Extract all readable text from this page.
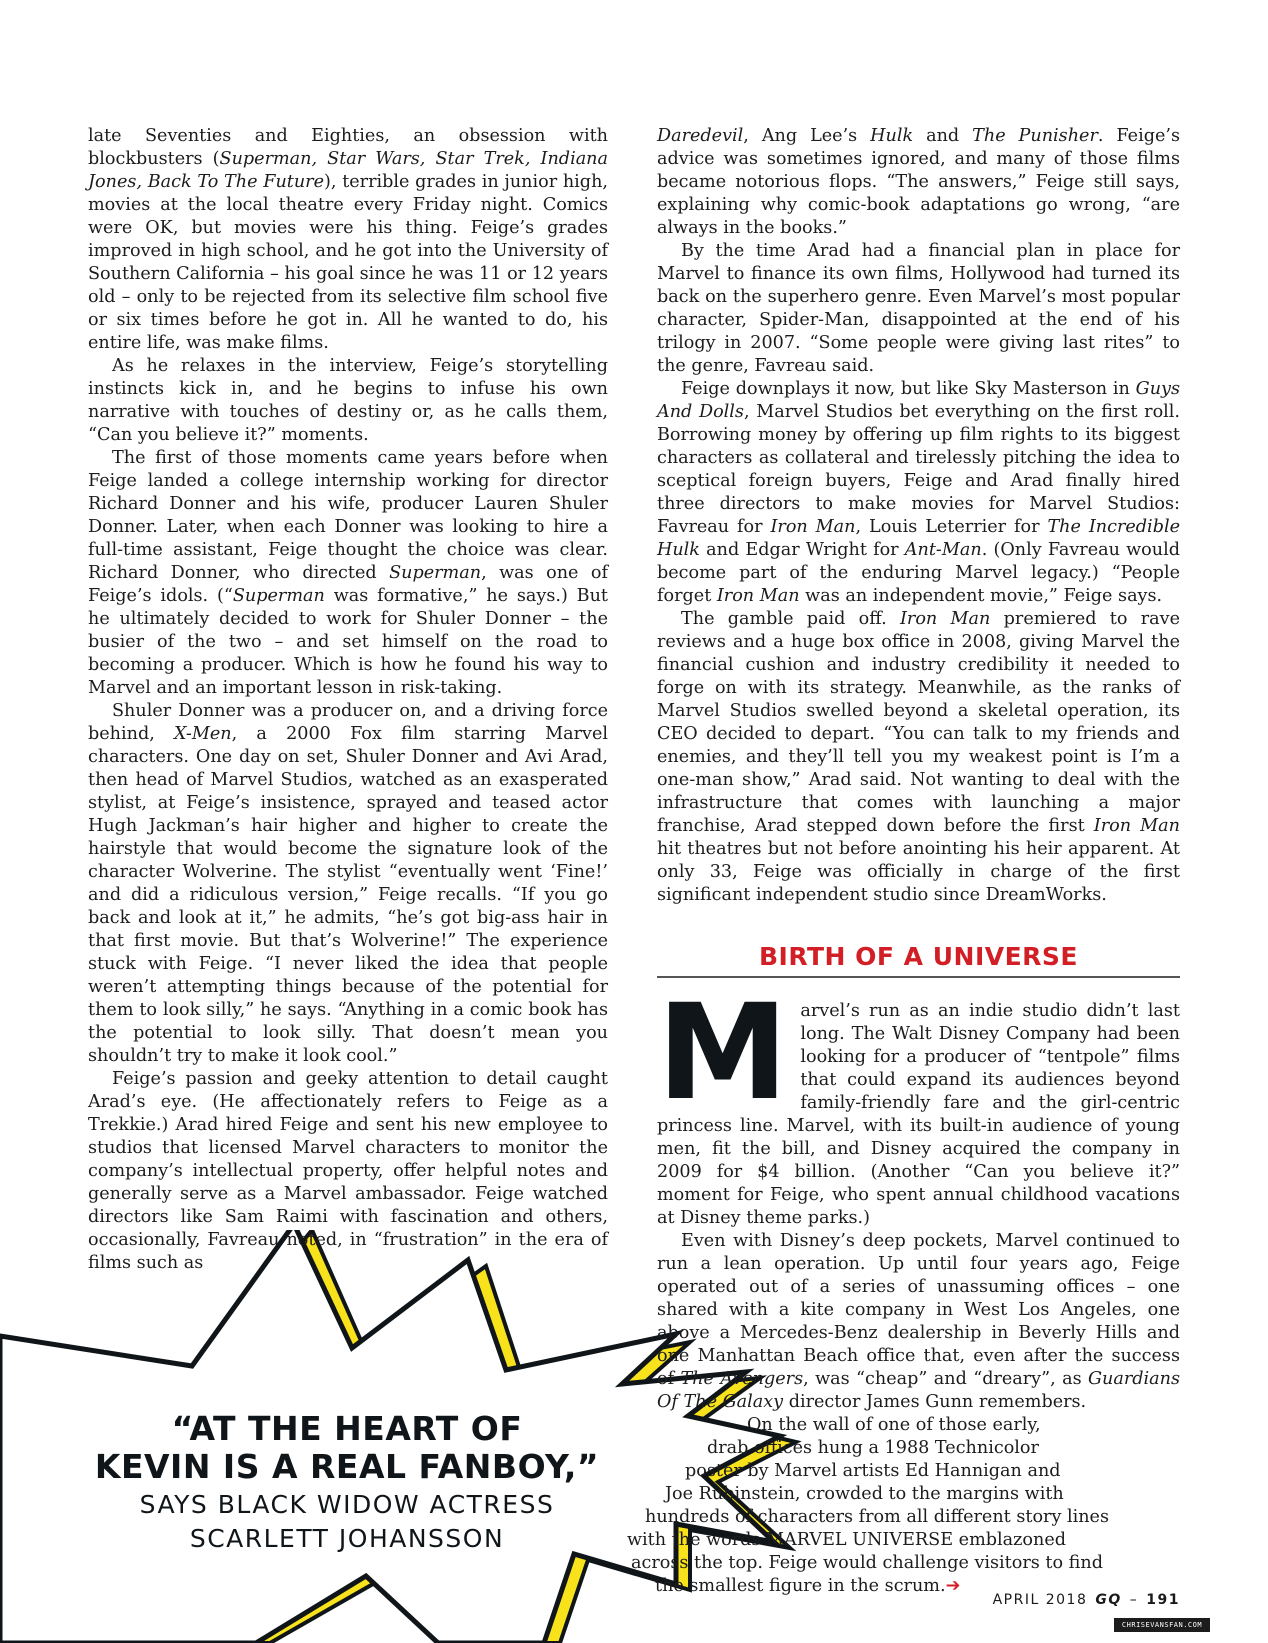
late Seventies and Eighties, an obsession with blockbusters (Superman, Star Wars, Star Trek, Indiana Jones, Back To The Future), terrible grades in junior high, movies at the local theatre every Friday night. Comics were OK, but movies were his thing. Feige’s grades improved in high school, and he got into the University of Southern California – his goal since he was 11 or 12 years old – only to be rejected from its selective film school five or six times before he got in. All he wanted to do, his entire life, was make films.

As he relaxes in the interview, Feige’s storytelling instincts kick in, and he begins to infuse his own narrative with touches of destiny or, as he calls them, “Can you believe it?” moments.

The first of those moments came years before when Feige landed a college internship working for director Richard Donner and his wife, producer Lauren Shuler Donner. Later, when each Donner was looking to hire a full-time assistant, Feige thought the choice was clear. Richard Donner, who directed Superman, was one of Feige’s idols. (“Superman was formative,” he says.) But he ultimately decided to work for Shuler Donner – the busier of the two – and set himself on the road to becoming a producer. Which is how he found his way to Marvel and an important lesson in risk-taking.

Shuler Donner was a producer on, and a driving force behind, X-Men, a 2000 Fox film starring Marvel characters. One day on set, Shuler Donner and Avi Arad, then head of Marvel Studios, watched as an exasperated stylist, at Feige’s insistence, sprayed and teased actor Hugh Jackman’s hair higher and higher to create the hairstyle that would become the signature look of the character Wolverine. The stylist “eventually went ‘Fine!’ and did a ridiculous version,” Feige recalls. “If you go back and look at it,” he admits, “he’s got big-ass hair in that first movie. But that’s Wolverine!” The experience stuck with Feige. “I never liked the idea that people weren’t attempting things because of the potential for them to look silly,” he says. “Anything in a comic book has the potential to look silly. That doesn’t mean you shouldn’t try to make it look cool.”

Feige’s passion and geeky attention to detail caught Arad’s eye. (He affectionately refers to Feige as a Trekkie.) Arad hired Feige and sent his new employee to studios that licensed Marvel characters to monitor the company’s intellectual property, offer helpful notes and generally serve as a Marvel ambassador. Feige watched directors like Sam Raimi with fascination and others, occasionally, Favreau noted, in “frustration” in the era of films such as

Daredevil, Ang Lee’s Hulk and The Punisher. Feige’s advice was sometimes ignored, and many of those films became notorious flops. “The answers,” Feige still says, explaining why comic-book adaptations go wrong, “are always in the books.”

By the time Arad had a financial plan in place for Marvel to finance its own films, Hollywood had turned its back on the superhero genre. Even Marvel’s most popular character, Spider-Man, disappointed at the end of his trilogy in 2007. “Some people were giving last rites” to the genre, Favreau said.

Feige downplays it now, but like Sky Masterson in Guys And Dolls, Marvel Studios bet everything on the first roll. Borrowing money by offering up film rights to its biggest characters as collateral and tirelessly pitching the idea to sceptical foreign buyers, Feige and Arad finally hired three directors to make movies for Marvel Studios: Favreau for Iron Man, Louis Leterrier for The Incredible Hulk and Edgar Wright for Ant-Man. (Only Favreau would become part of the enduring Marvel legacy.) “People forget Iron Man was an independent movie,” Feige says.

The gamble paid off. Iron Man premiered to rave reviews and a huge box office in 2008, giving Marvel the financial cushion and industry credibility it needed to forge on with its strategy. Meanwhile, as the ranks of Marvel Studios swelled beyond a skeletal operation, its CEO decided to depart. “You can talk to my friends and enemies, and they’ll tell you my weakest point is I’m a one-man show,” Arad said. Not wanting to deal with the infrastructure that comes with launching a major franchise, Arad stepped down before the first Iron Man hit theatres but not before anointing his heir apparent. At only 33, Feige was officially in charge of the first significant independent studio since DreamWorks.

BIRTH OF A UNIVERSE

Marvel’s run as an indie studio didn’t last long. The Walt Disney Company had been looking for a producer of “tentpole” films that could expand its audiences beyond family-friendly fare and the girl-centric princess line. Marvel, with its built-in audience of young men, fit the bill, and Disney acquired the company in 2009 for $4 billion. (Another “Can you believe it?” moment for Feige, who spent annual childhood vacations at Disney theme parks.)

Even with Disney’s deep pockets, Marvel continued to run a lean operation. Up until four years ago, Feige operated out of a series of unassuming offices – one shared with a kite company in West Los Angeles, one above a Mercedes-Benz dealership in Beverly Hills and one Manhattan Beach office that, even after the success of The Avengers, was “cheap” and “dreary”, as Guardians Of The Galaxy director James Gunn remembers.

On the wall of one of those early,
drab offices hung a 1988 Technicolor
poster by Marvel artists Ed Hannigan and
Joe Rubinstein, crowded to the margins with
hundreds of characters from all different story lines
with the words MARVEL UNIVERSE emblazoned
across the top. Feige would challenge visitors to find
the smallest figure in the scrum.➔
“AT THE HEART OF
KEVIN IS A REAL FANBOY,”
SAYS BLACK WIDOW ACTRESS
SCARLETT JOHANSSON
APRIL 2018 GQ – 191
CHRISEVANSFAN.COM
